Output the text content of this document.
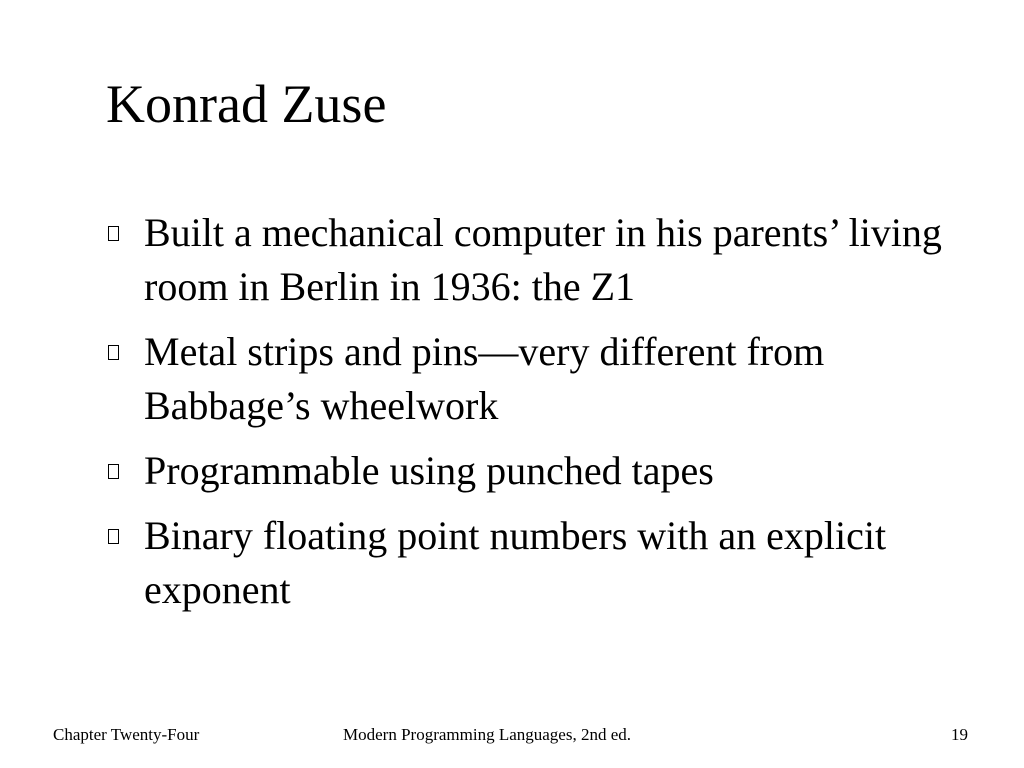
Konrad Zuse
Built a mechanical computer in his parents’ living room in Berlin in 1936: the Z1
Metal strips and pins—very different from Babbage’s wheelwork
Programmable using punched tapes
Binary floating point numbers with an explicit exponent
Chapter Twenty-Four	Modern Programming Languages, 2nd ed.	19
